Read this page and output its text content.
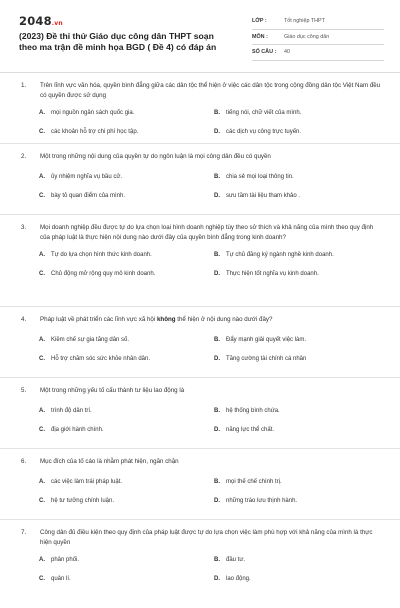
2048.vn
(2023) Đề thi thử Giáo dục công dân THPT soạn theo ma trận đề minh họa BGD ( Đề 4) có đáp án
LỚP :	Tốt nghiệp THPT
MÔN :	Giáo dục công dân
SỐ CÂU :	40
1.	Trên lĩnh vực văn hóa, quyền bình đẳng giữa các dân tộc thể hiện ở việc các dân tộc trong cộng đồng dân tộc Việt Nam đều có quyền được sử dụng
A.	mọi nguồn ngân sách quốc gia.	B.	tiếng nói, chữ viết của mình.
C.	các khoản hỗ trợ chi phí học tập.	D.	các dịch vụ công trực tuyến.
2.	Một trong những nội dung của quyền tự do ngôn luận là mọi công dân đều có quyền
A.	ủy nhiệm nghĩa vụ bầu cử.	B.	chia sẻ mọi loại thông tin.
C.	bày tỏ quan điểm của mình.	D.	sưu tầm tài liệu tham khảo .
3.	Mọi doanh nghiệp đều được tự do lựa chọn loại hình doanh nghiệp tùy theo sở thích và khả năng của mình theo quy định của pháp luật là thực hiện nội dung nào dưới đây của quyền bình đẳng trong kinh doanh?
A.	Tự do lựa chọn hình thức kinh doanh.	B.	Tự chủ đăng ký ngành nghề kinh doanh.
C.	Chủ động mở rộng quy mô kinh doanh.	D.	Thực hiện tốt nghĩa vụ kinh doanh.
4.	Pháp luật về phát triển các lĩnh vực xã hội không thể hiện ở nội dung nào dưới đây?
A.	Kiềm chế sự gia tăng dân số.	B.	Đẩy mạnh giải quyết việc làm.
C.	Hỗ trợ chăm sóc sức khỏe nhân dân.	D.	Tăng cường tài chính cá nhân
5.	Một trong những yếu tố cấu thành tư liệu lao động là
A.	trình độ dân trí.	B.	hệ thống bình chứa.
C.	địa giới hành chính.	D.	năng lực thể chất.
6.	Mục đích của tố cáo là nhằm phát hiện, ngăn chặn
A.	các việc làm trái pháp luật.	B.	mọi thế chế chính trị.
C.	hệ tư tưởng chính luận.	D.	những trào lưu thịnh hành.
7.	Công dân đủ điều kiện theo quy định của pháp luật được tự do lựa chọn việc làm phù hợp với khả năng của mình là thực hiện quyền
A.	phân phối.	B.	đầu tư.
C.	quản lí.	D.	lao động.
